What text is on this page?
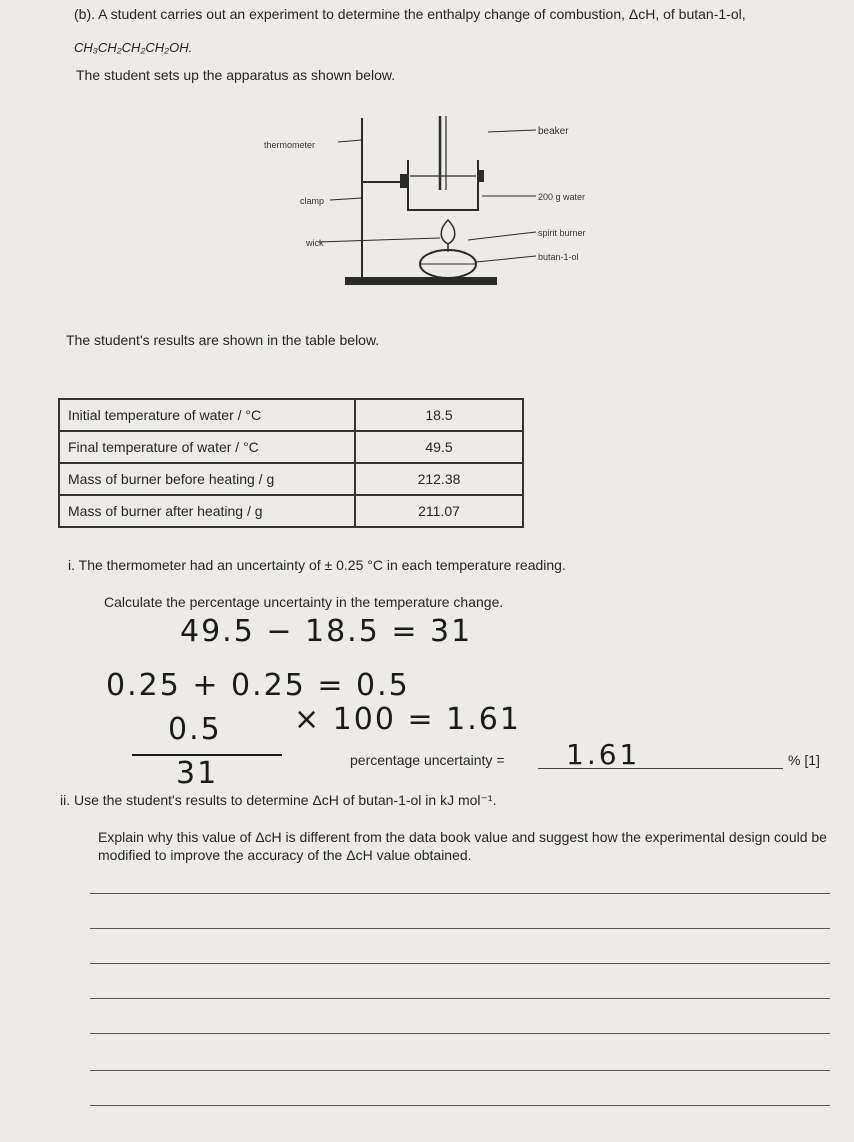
(b). A student carries out an experiment to determine the enthalpy change of combustion, ΔcH, of butan-1-ol,
CH₃CH₂CH₂CH₂OH.
The student sets up the apparatus as shown below.
thermometer
beaker
clamp	200 g water
wick
spirit burner
butan-1-ol
The student's results are shown in the table below.
Initial temperature of water / °C	18.5
Final temperature of water / °C	49.5
Mass of burner before heating / g	212.38
Mass of burner after heating / g	211.07
i. The thermometer had an uncertainty of ± 0.25 °C in each temperature reading.
Calculate the percentage uncertainty in the temperature change.
49.5 − 18.5 = 31
0.25 + 0.25 = 0.5
0.5
31
× 100 = 1.61
percentage uncertainty = 1.61	% [1]
ii. Use the student's results to determine ΔcH of butan-1-ol in kJ mol⁻¹.
Explain why this value of ΔcH is different from the data book value and suggest how the experimental design could be modified to improve the accuracy of the ΔcH value obtained.
